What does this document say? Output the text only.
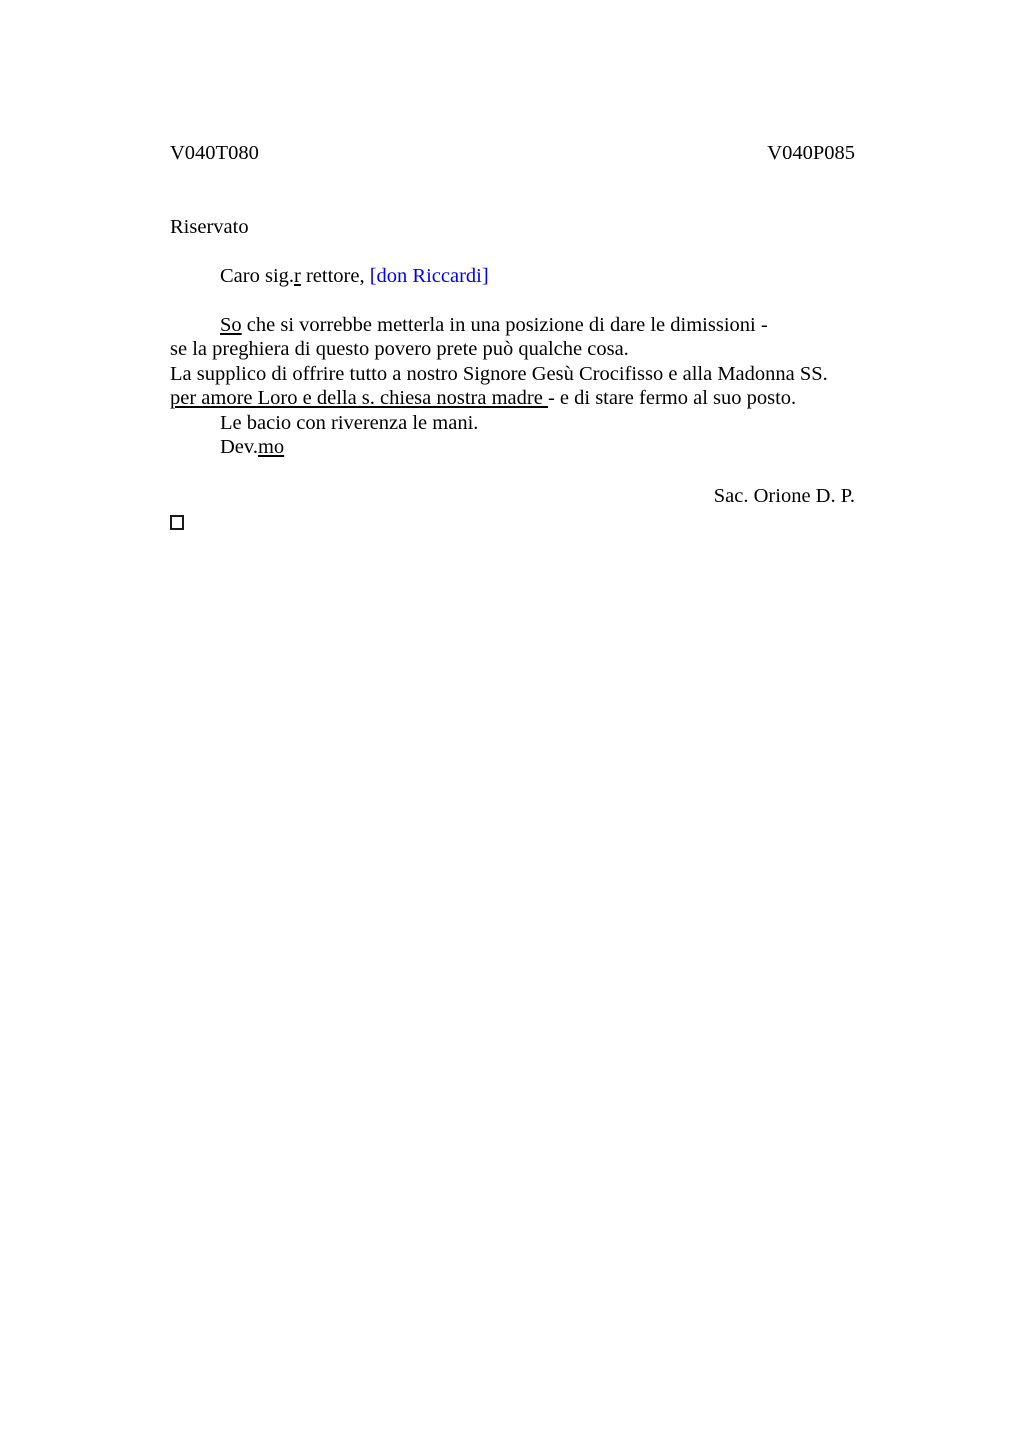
V040T080	V040P085
Riservato
Caro sig.r rettore, [don Riccardi]
So che si vorrebbe metterla in una posizione di dare le dimissioni -
se la preghiera di questo povero prete può qualche cosa.
La supplico di offrire tutto a nostro Signore Gesù Crocifisso e alla Madonna SS.
per amore Loro e della s. chiesa nostra madre - e di stare fermo al suo posto.
Le bacio con riverenza le mani.
Dev.mo
Sac. Orione D. P.
